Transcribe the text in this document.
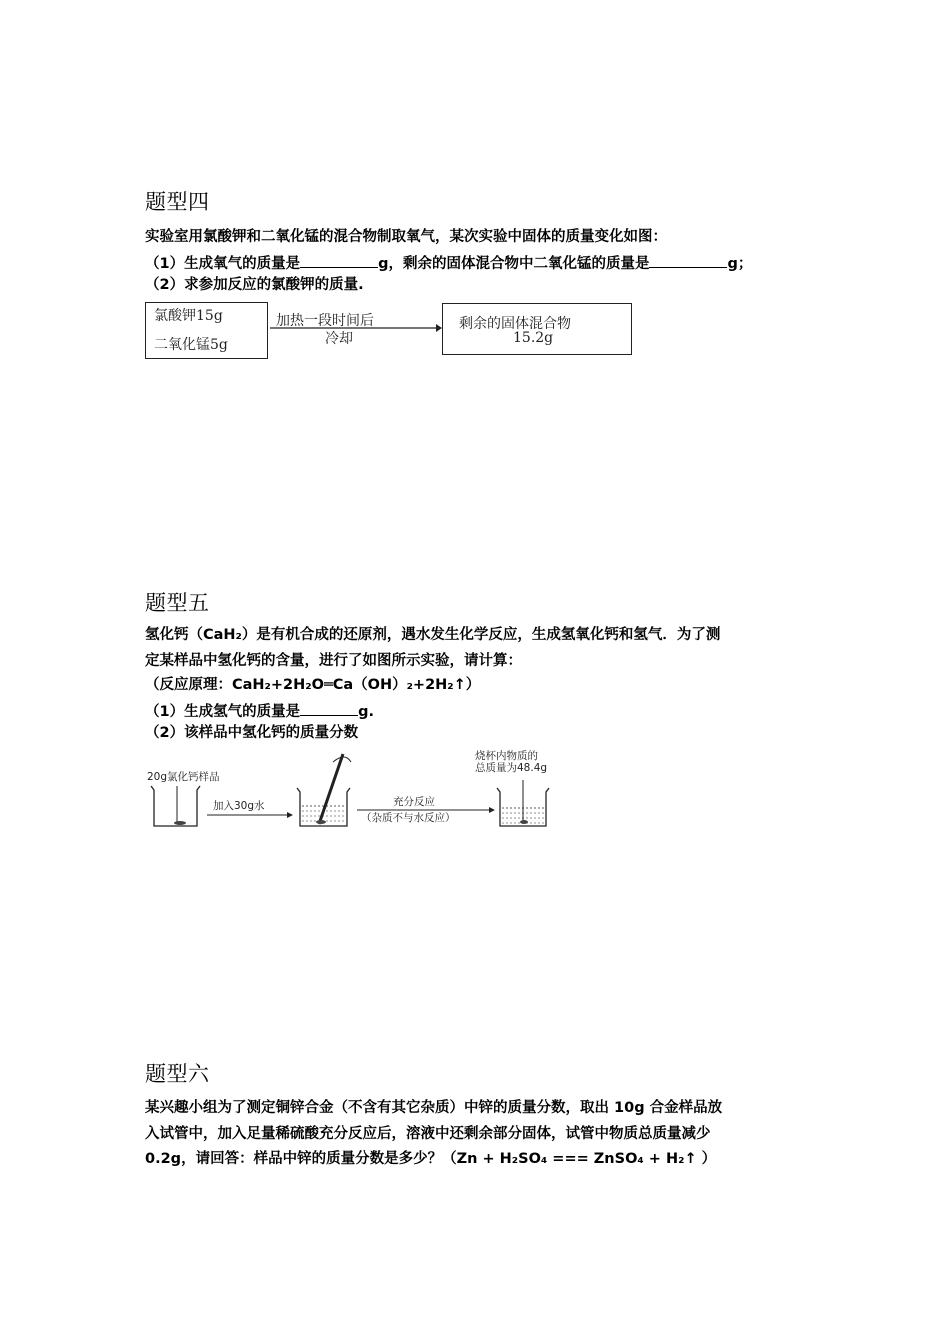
题型四
实验室用氯酸钾和二氧化锰的混合物制取氧气，某次实验中固体的质量变化如图：
（1）生成氧气的质量是	g，剩余的固体混合物中二氧化锰的质量是	g；
（2）求参加反应的氯酸钾的质量.
氯酸钾15g
二氧化锰5g
加热一段时间后
冷却
剩余的固体混合物
15.2g
题型五
氢化钙（CaH₂）是有机合成的还原剂，遇水发生化学反应，生成氢氧化钙和氢气．为了测
定某样品中氢化钙的含量，进行了如图所示实验，请计算：
（反应原理：CaH₂+2H₂O═Ca（OH）₂+2H₂↑）
（1）生成氢气的质量是	g.
（2）该样品中氢化钙的质量分数
20g氯化钙样品
加入30g水	充分反应
（杂质不与水反应）
烧杯内物质的
总质量为48.4g
题型六
某兴趣小组为了测定铜锌合金（不含有其它杂质）中锌的质量分数，取出 10g 合金样品放
入试管中，加入足量稀硫酸充分反应后，溶液中还剩余部分固体，试管中物质总质量减少
0.2g，请回答：样品中锌的质量分数是多少？（Zn + H₂SO₄ === ZnSO₄ + H₂↑ ）
